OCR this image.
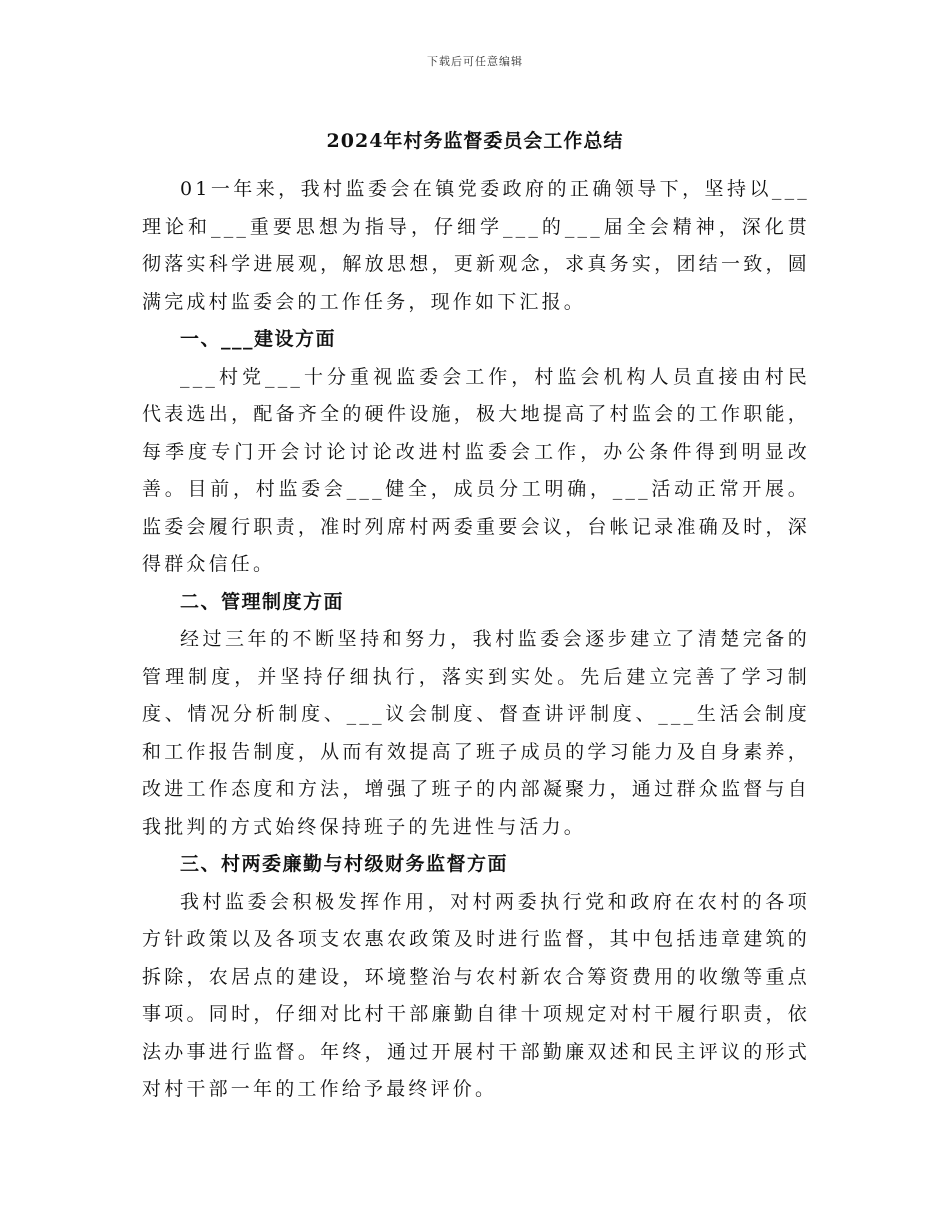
下载后可任意编辑
2024年村务监督委员会工作总结

01一年来，我村监委会在镇党委政府的正确领导下，坚持以___理论和___重要思想为指导，仔细学___的___届全会精神，深化贯彻落实科学进展观，解放思想，更新观念，求真务实，团结一致，圆满完成村监委会的工作任务，现作如下汇报。

一、___建设方面

___村党___十分重视监委会工作，村监会机构人员直接由村民代表选出，配备齐全的硬件设施，极大地提高了村监会的工作职能，每季度专门开会讨论讨论改进村监委会工作，办公条件得到明显改善。目前，村监委会___健全，成员分工明确，___活动正常开展。监委会履行职责，准时列席村两委重要会议，台帐记录准确及时，深得群众信任。

二、管理制度方面

经过三年的不断坚持和努力，我村监委会逐步建立了清楚完备的管理制度，并坚持仔细执行，落实到实处。先后建立完善了学习制度、情况分析制度、___议会制度、督查讲评制度、___生活会制度和工作报告制度，从而有效提高了班子成员的学习能力及自身素养，改进工作态度和方法，增强了班子的内部凝聚力，通过群众监督与自我批判的方式始终保持班子的先进性与活力。

三、村两委廉勤与村级财务监督方面

我村监委会积极发挥作用，对村两委执行党和政府在农村的各项方针政策以及各项支农惠农政策及时进行监督，其中包括违章建筑的拆除，农居点的建设，环境整治与农村新农合筹资费用的收缴等重点事项。同时，仔细对比村干部廉勤自律十项规定对村干履行职责，依法办事进行监督。年终，通过开展村干部勤廉双述和民主评议的形式对村干部一年的工作给予最终评价。
